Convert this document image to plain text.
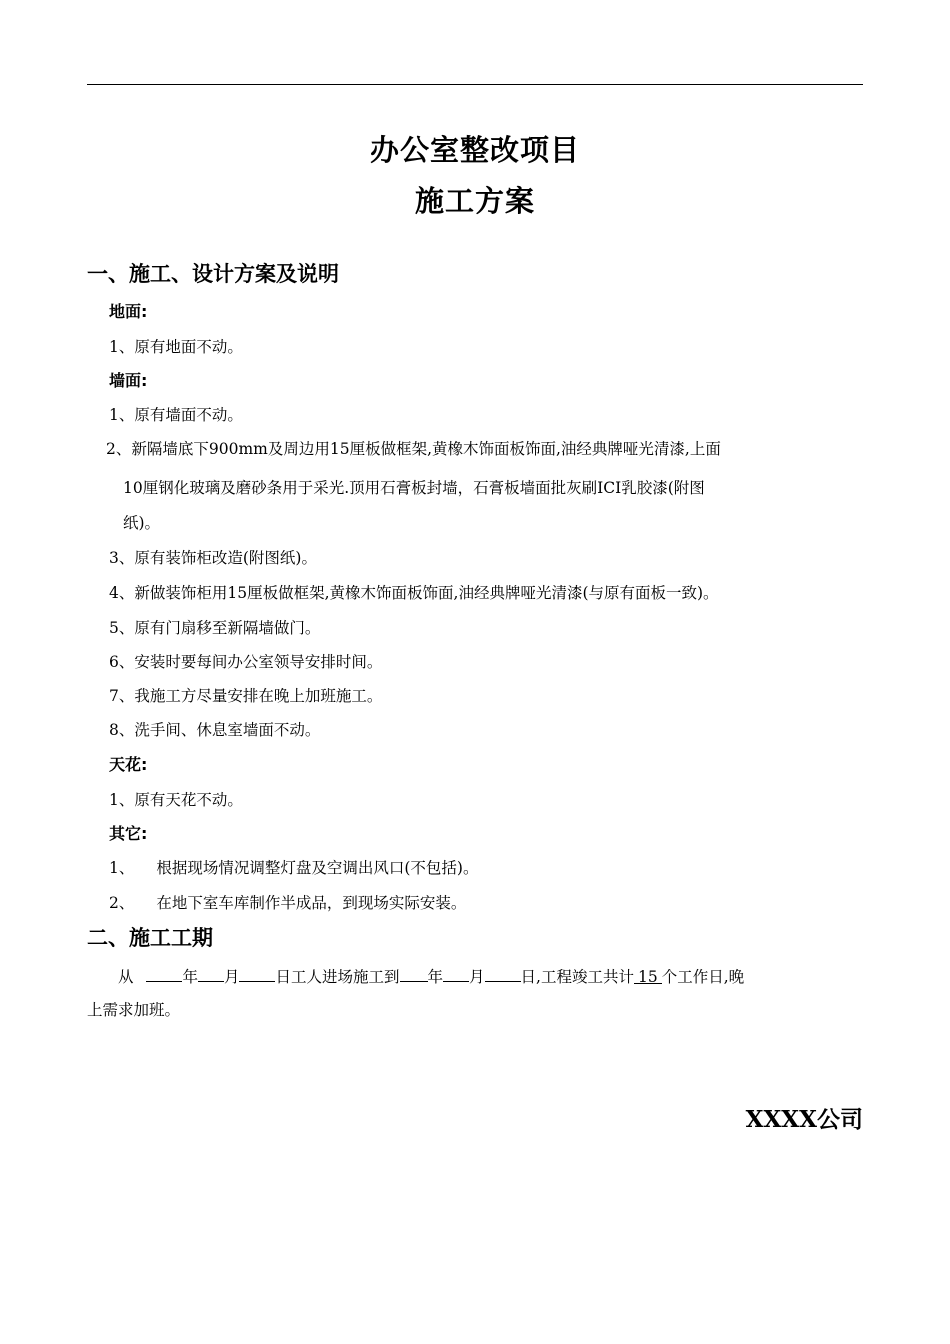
办公室整改项目
施工方案
一、施工、设计方案及说明
地面:
1、原有地面不动。
墙面:
1、原有墙面不动。
2、新隔墙底下900mm及周边用15厘板做框架,黄橡木饰面板饰面,油经典牌哑光清漆,上面
10厘钢化玻璃及磨砂条用于采光.顶用石膏板封墙，石膏板墙面批灰刷ICI乳胶漆(附图
纸)。
3、原有装饰柜改造(附图纸)。
4、新做装饰柜用15厘板做框架,黄橡木饰面板饰面,油经典牌哑光清漆(与原有面板一致)。
5、原有门扇移至新隔墙做门。
6、安装时要每间办公室领导安排时间。
7、我施工方尽量安排在晚上加班施工。
8、洗手间、休息室墙面不动。
天花:
1、原有天花不动。
其它:
1、 根据现场情况调整灯盘及空调出风口(不包括)。
2、 在地下室车库制作半成品，到现场实际安装。
二、施工工期
从	年 月 日工人进场施工到 年 月 日,工程竣工共计 15 个工作日,晚
上需求加班。
XXXX公司
